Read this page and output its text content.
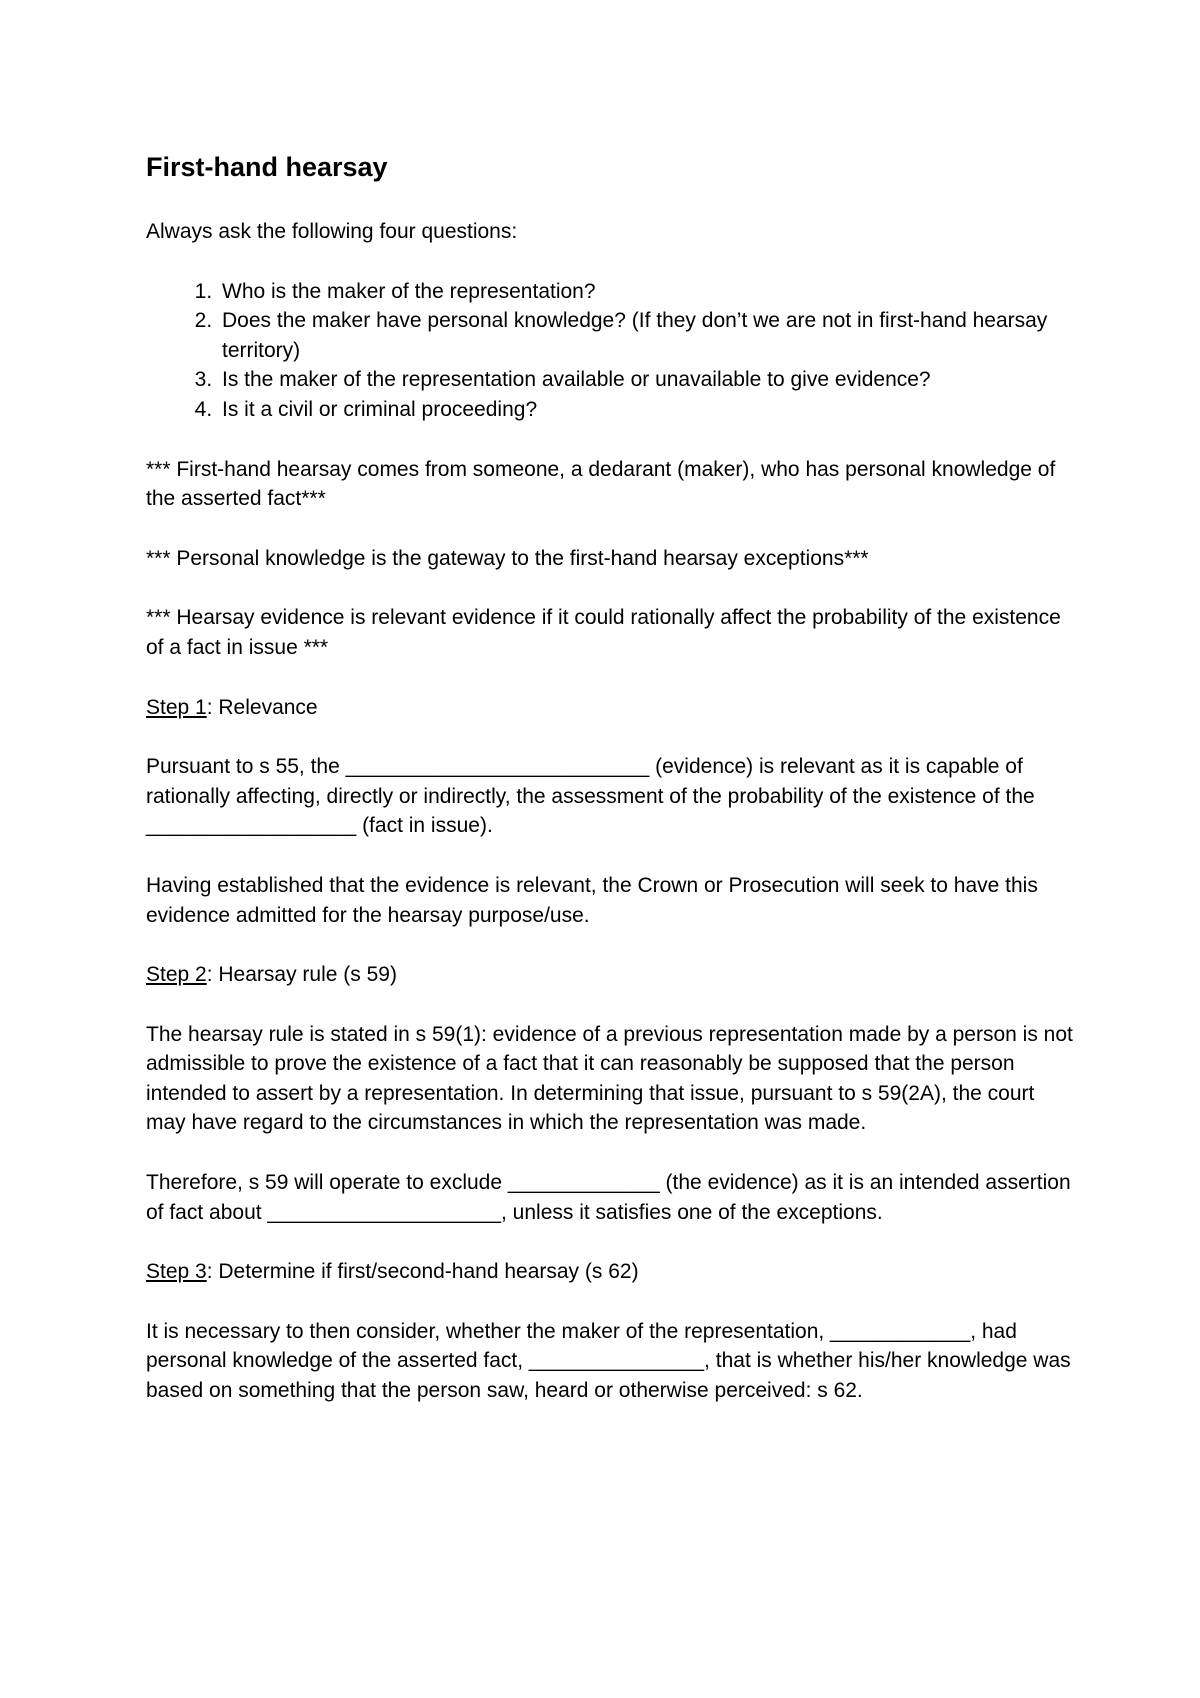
First-hand hearsay

Always ask the following four questions:

1. Who is the maker of the representation?
2. Does the maker have personal knowledge? (If they don’t we are not in first-hand hearsay territory)
3. Is the maker of the representation available or unavailable to give evidence?
4. Is it a civil or criminal proceeding?

*** First-hand hearsay comes from someone, a dedarant (maker), who has personal knowledge of the asserted fact***

*** Personal knowledge is the gateway to the first-hand hearsay exceptions***

*** Hearsay evidence is relevant evidence if it could rationally affect the probability of the existence of a fact in issue ***

Step 1: Relevance

Pursuant to s 55, the __________________________ (evidence) is relevant as it is capable of rationally affecting, directly or indirectly, the assessment of the probability of the existence of the __________________ (fact in issue).

Having established that the evidence is relevant, the Crown or Prosecution will seek to have this evidence admitted for the hearsay purpose/use.

Step 2: Hearsay rule (s 59)

The hearsay rule is stated in s 59(1): evidence of a previous representation made by a person is not admissible to prove the existence of a fact that it can reasonably be supposed that the person intended to assert by a representation. In determining that issue, pursuant to s 59(2A), the court may have regard to the circumstances in which the representation was made.

Therefore, s 59 will operate to exclude _____________ (the evidence) as it is an intended assertion of fact about ____________________, unless it satisfies one of the exceptions.

Step 3: Determine if first/second-hand hearsay (s 62)

It is necessary to then consider, whether the maker of the representation, ____________, had personal knowledge of the asserted fact, _______________, that is whether his/her knowledge was based on something that the person saw, heard or otherwise perceived: s 62.
